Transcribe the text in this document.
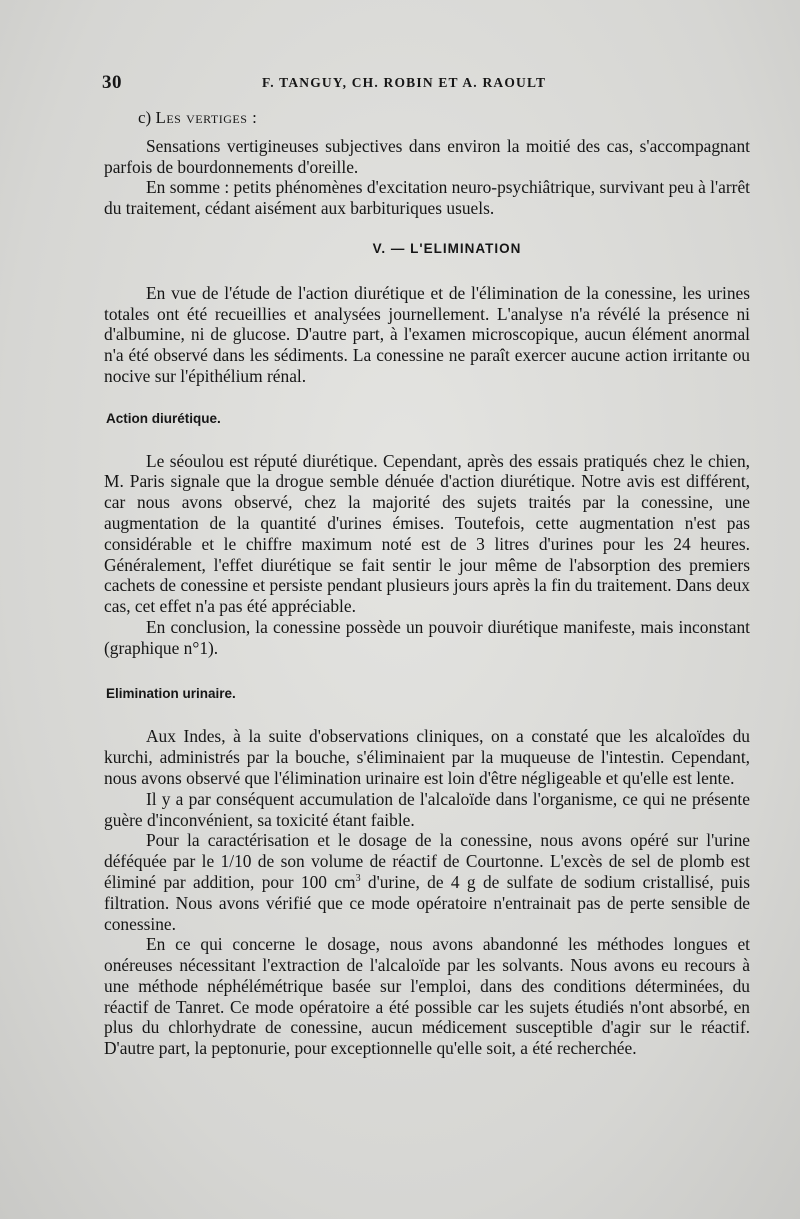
30	F. TANGUY, CH. ROBIN ET A. RAOULT
c) Les vertiges :

Sensations vertigineuses subjectives dans environ la moitié des cas, s'accompagnant parfois de bourdonnements d'oreille.

En somme : petits phénomènes d'excitation neuro-psychiâtrique, survivant peu à l'arrêt du traitement, cédant aisément aux barbituriques usuels.

V. — L'ELIMINATION

En vue de l'étude de l'action diurétique et de l'élimination de la conessine, les urines totales ont été recueillies et analysées journellement. L'analyse n'a révélé la présence ni d'albumine, ni de glucose. D'autre part, à l'examen microscopique, aucun élément anormal n'a été observé dans les sédiments. La conessine ne paraît exercer aucune action irritante ou nocive sur l'épithélium rénal.

Action diurétique.

Le séoulou est réputé diurétique. Cependant, après des essais pratiqués chez le chien, M. Paris signale que la drogue semble dénuée d'action diurétique. Notre avis est différent, car nous avons observé, chez la majorité des sujets traités par la conessine, une augmentation de la quantité d'urines émises. Toutefois, cette augmentation n'est pas considérable et le chiffre maximum noté est de 3 litres d'urines pour les 24 heures. Généralement, l'effet diurétique se fait sentir le jour même de l'absorption des premiers cachets de conessine et persiste pendant plusieurs jours après la fin du traitement. Dans deux cas, cet effet n'a pas été appréciable.

En conclusion, la conessine possède un pouvoir diurétique manifeste, mais inconstant (graphique n°1).

Elimination urinaire.

Aux Indes, à la suite d'observations cliniques, on a constaté que les alcaloïdes du kurchi, administrés par la bouche, s'éliminaient par la muqueuse de l'intestin. Cependant, nous avons observé que l'élimination urinaire est loin d'être négligeable et qu'elle est lente.

Il y a par conséquent accumulation de l'alcaloïde dans l'organisme, ce qui ne présente guère d'inconvénient, sa toxicité étant faible.

Pour la caractérisation et le dosage de la conessine, nous avons opéré sur l'urine déféquée par le 1/10 de son volume de réactif de Courtonne. L'excès de sel de plomb est éliminé par addition, pour 100 $cm^3$ d'urine, de 4 g de sulfate de sodium cristallisé, puis filtration. Nous avons vérifié que ce mode opératoire n'entrainait pas de perte sensible de conessine.

En ce qui concerne le dosage, nous avons abandonné les méthodes longues et onéreuses nécessitant l'extraction de l'alcaloïde par les solvants. Nous avons eu recours à une méthode néphélémétrique basée sur l'emploi, dans des conditions déterminées, du réactif de Tanret. Ce mode opératoire a été possible car les sujets étudiés n'ont absorbé, en plus du chlorhydrate de conessine, aucun médicement susceptible d'agir sur le réactif. D'autre part, la peptonurie, pour exceptionnelle qu'elle soit, a été recherchée.
